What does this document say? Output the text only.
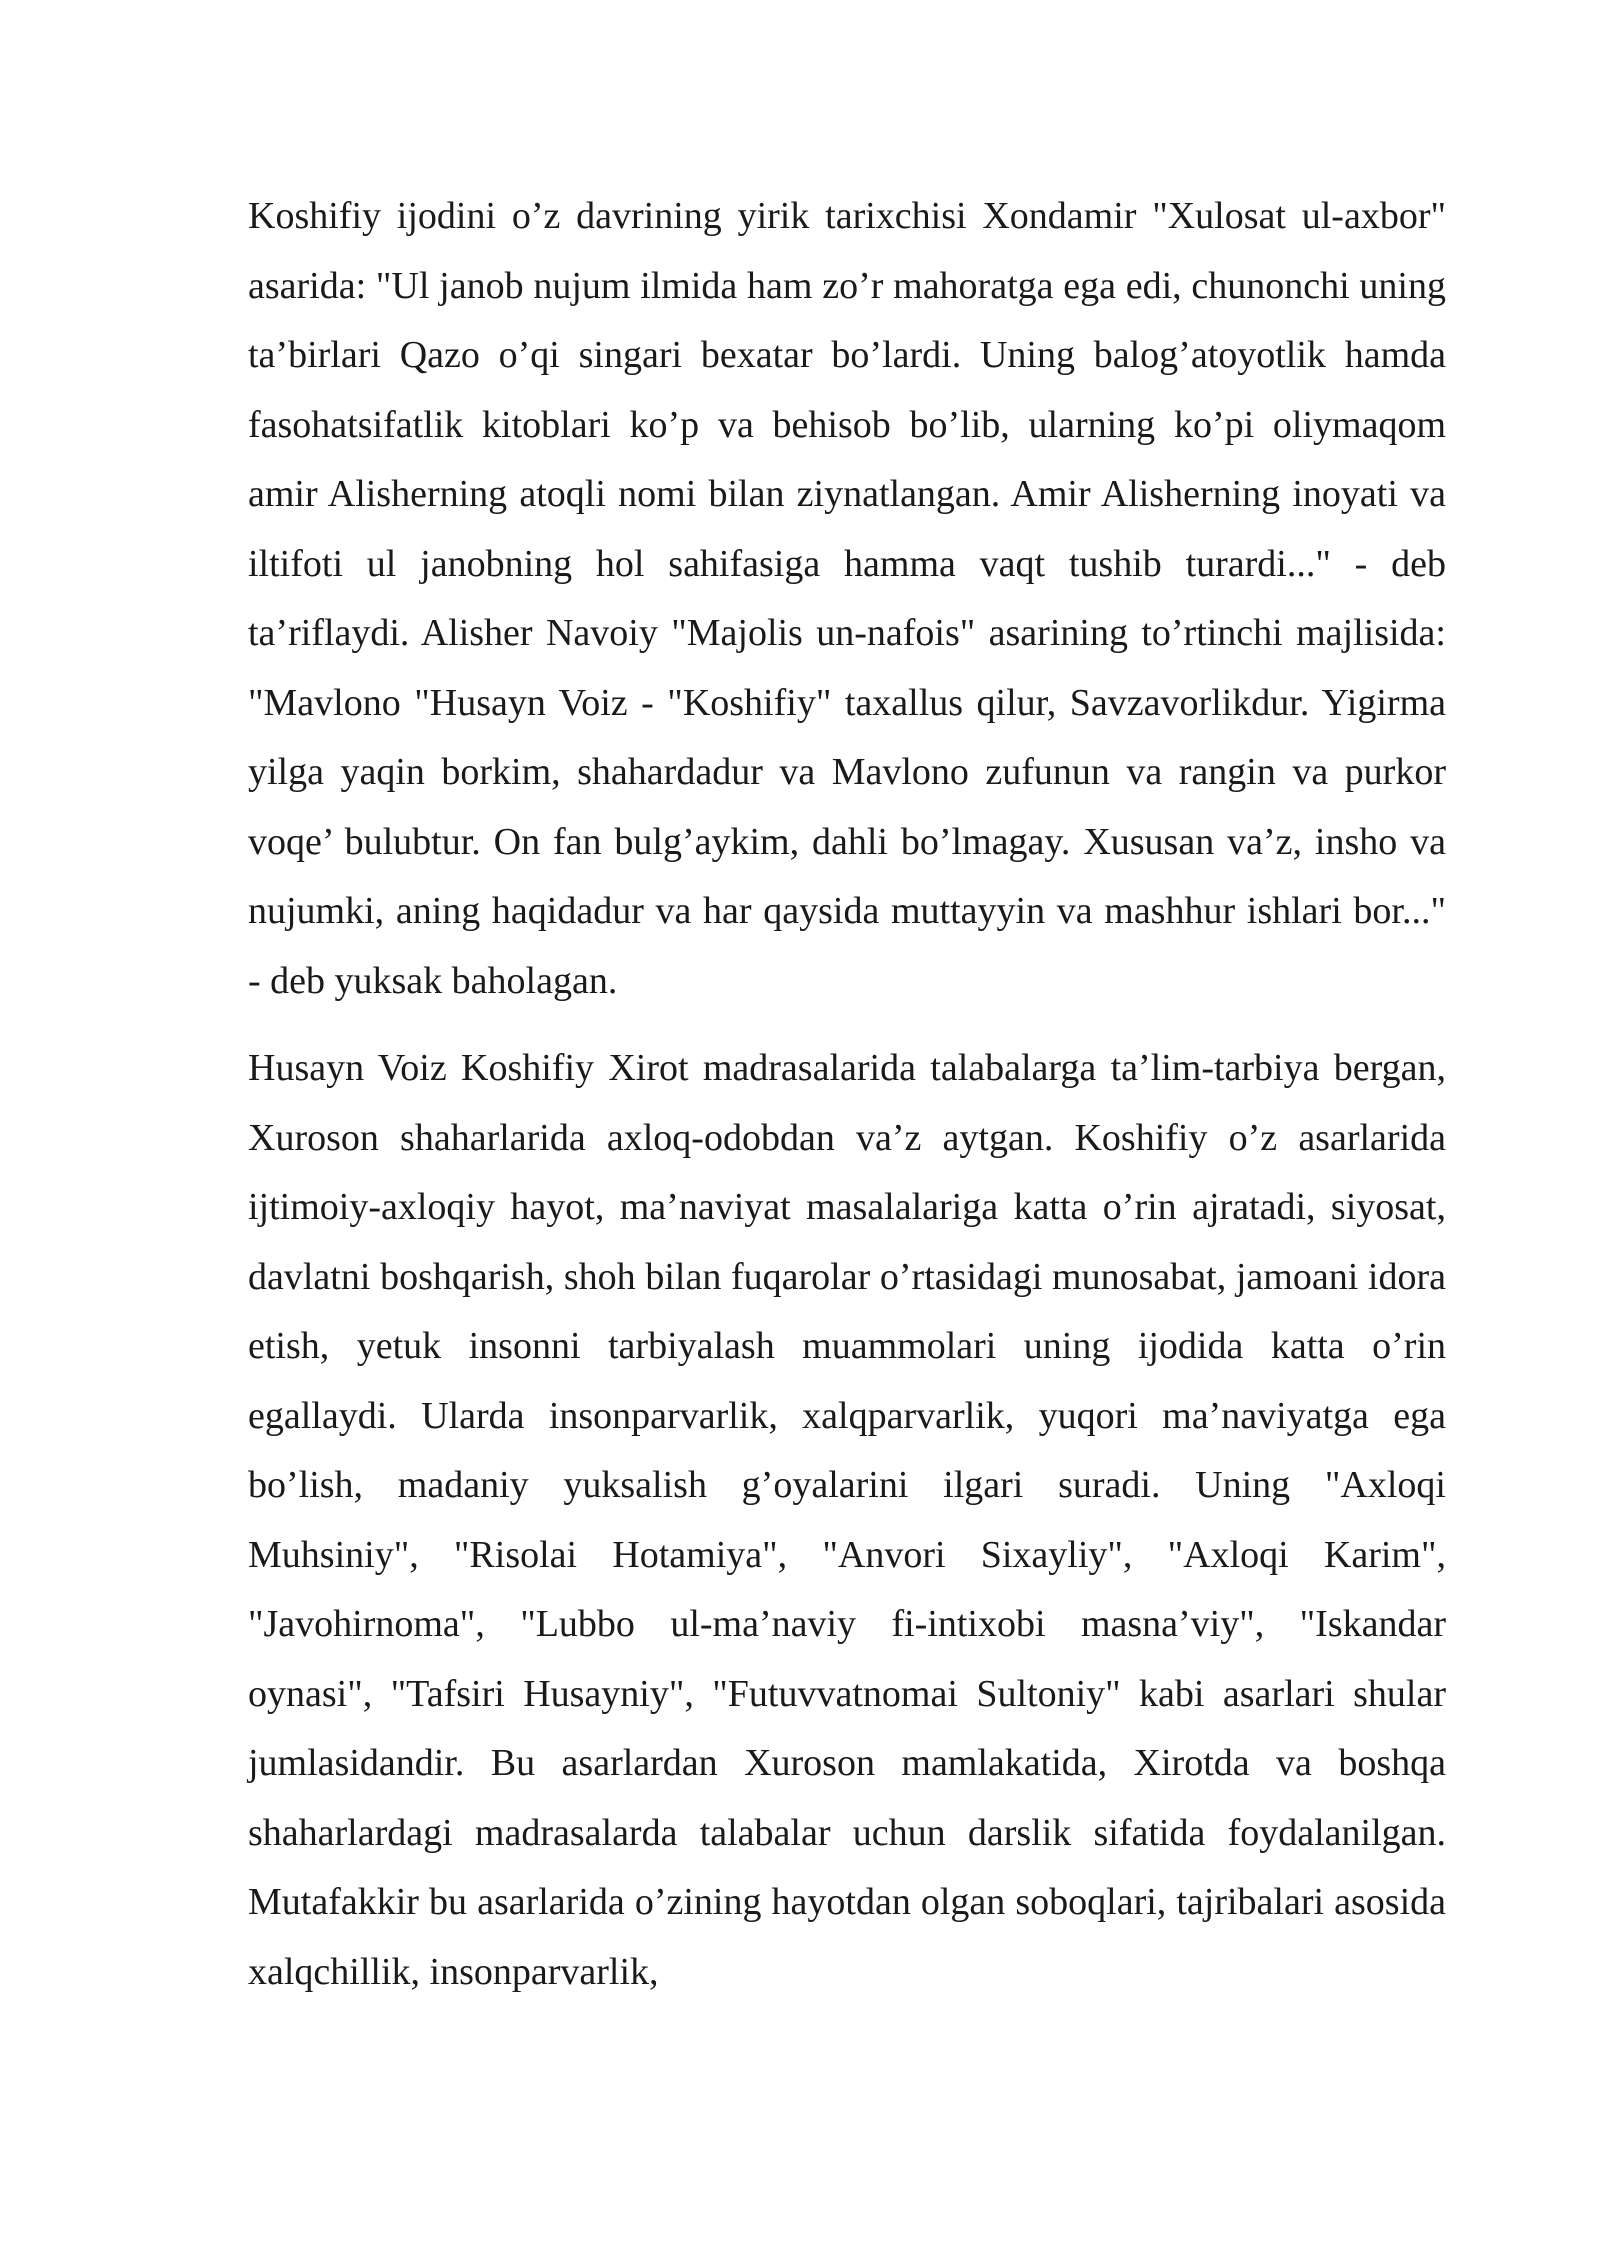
Koshifiy ijodini o’z davrining yirik tarixchisi Xondamir "Xulosat ul-axbor" asarida: "Ul janob nujum ilmida ham zo’r mahoratga ega edi, chunonchi uning ta’birlari Qazo o’qi singari bexatar bo’lardi. Uning balog’atoyotlik hamda fasohatsifatlik kitoblari ko’p va behisob bo’lib, ularning ko’pi oliymaqom amir Alisherning atoqli nomi bilan ziynatlangan. Amir Alisherning inoyati va iltifoti ul janobning hol sahifasiga hamma vaqt tushib turardi..." - deb ta’riflaydi. Alisher Navoiy "Majolis un-nafois" asarining to’rtinchi majlisida: "Mavlono "Husayn Voiz - "Koshifiy" taxallus qilur, Savzavorlikdur. Yigirma yilga yaqin borkim, shahardadur va Mavlono zufunun va rangin va purkor voqe’ bulubtur. On fan bulg’aykim, dahli bo’lmagay. Xususan va’z, insho va nujumki, aning haqidadur va har qaysida muttayyin va mashhur ishlari bor..." - deb yuksak baholagan.

Husayn Voiz Koshifiy Xirot madrasalarida talabalarga ta’lim-tarbiya bergan, Xuroson shaharlarida axloq-odobdan va’z aytgan. Koshifiy o’z asarlarida ijtimoiy-axloqiy hayot, ma’naviyat masalalariga katta o’rin ajratadi, siyosat, davlatni boshqarish, shoh bilan fuqarolar o’rtasidagi munosabat, jamoani idora etish, yetuk insonni tarbiyalash muammolari uning ijodida katta o’rin egallaydi. Ularda insonparvarlik, xalqparvarlik, yuqori ma’naviyatga ega bo’lish, madaniy yuksalish g’oyalarini ilgari suradi. Uning "Axloqi Muhsiniy", "Risolai Hotamiya", "Anvori Sixayliy", "Axloqi Karim", "Javohirnoma", "Lubbo ul-ma’naviy fi-intixobi masna’viy", "Iskandar oynasi", "Tafsiri Husayniy", "Futuvvatnomai Sultoniy" kabi asarlari shular jumlasidandir. Bu asarlardan Xuroson mamlakatida, Xirotda va boshqa shaharlardagi madrasalarda talabalar uchun darslik sifatida foydalanilgan. Mutafakkir bu asarlarida o’zining hayotdan olgan soboqlari, tajribalari asosida xalqchillik, insonparvarlik,
